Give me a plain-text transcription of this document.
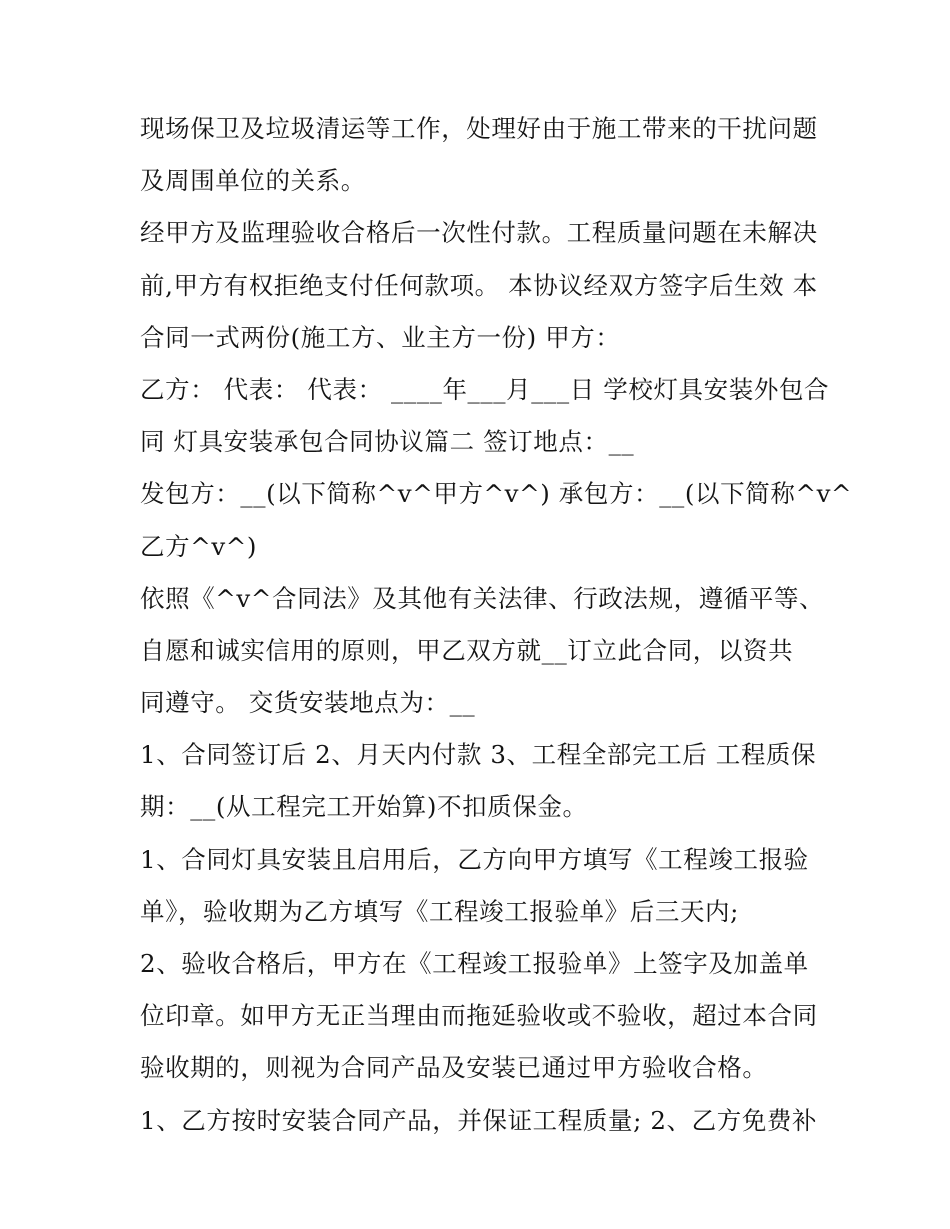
现场保卫及垃圾清运等工作，处理好由于施工带来的干扰问题
及周围单位的关系。
经甲方及监理验收合格后一次性付款。工程质量问题在未解决
前,甲方有权拒绝支付任何款项。 本协议经双方签字后生效 本
合同一式两份(施工方、业主方一份) 甲方：
乙方： 代表： 代表： ____年___月___日 学校灯具安装外包合
同 灯具安装承包合同协议篇二 签订地点：__
发包方：__(以下简称^v^甲方^v^) 承包方：__(以下简称^v^
乙方^v^)
依照《^v^合同法》及其他有关法律、行政法规，遵循平等、
自愿和诚实信用的原则，甲乙双方就__订立此合同，以资共
同遵守。 交货安装地点为：__
1、合同签订后 2、月天内付款 3、工程全部完工后 工程质保
期：__(从工程完工开始算)不扣质保金。
1、合同灯具安装且启用后，乙方向甲方填写《工程竣工报验
单》，验收期为乙方填写《工程竣工报验单》后三天内;
2、验收合格后，甲方在《工程竣工报验单》上签字及加盖单
位印章。如甲方无正当理由而拖延验收或不验收，超过本合同
验收期的，则视为合同产品及安装已通过甲方验收合格。
1、乙方按时安装合同产品，并保证工程质量; 2、乙方免费补
